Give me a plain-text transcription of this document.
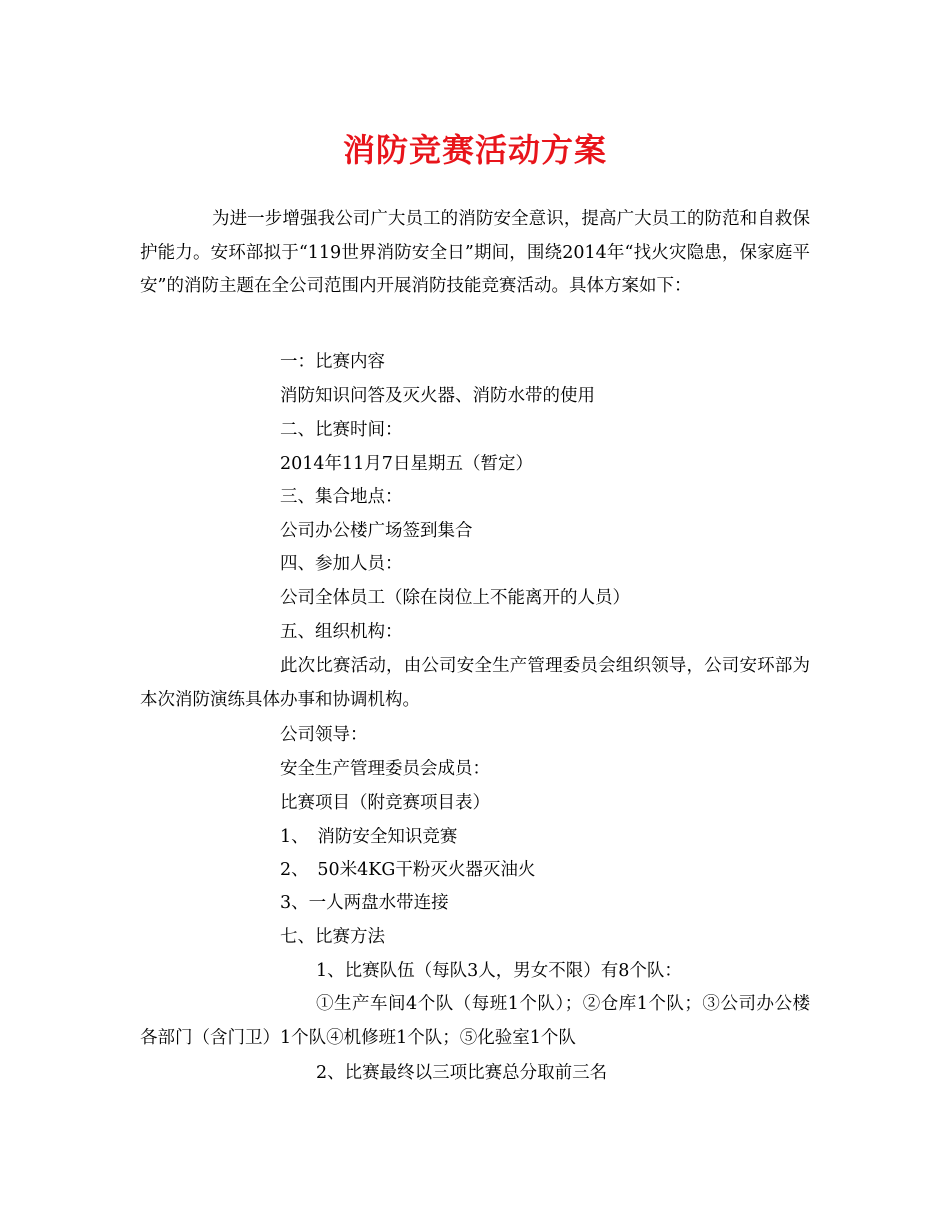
消防竞赛活动方案
为进一步增强我公司广大员工的消防安全意识，提高广大员工的防范和自救保护能力。安环部拟于“119世界消防安全日”期间，围绕2014年“找火灾隐患，保家庭平安”的消防主题在全公司范围内开展消防技能竞赛活动。具体方案如下：
一：比赛内容
消防知识问答及灭火器、消防水带的使用
二、比赛时间：
2014年11月7日星期五（暂定）
三、集合地点：
公司办公楼广场签到集合
四、参加人员：
公司全体员工（除在岗位上不能离开的人员）
五、组织机构：
此次比赛活动，由公司安全生产管理委员会组织领导，公司安环部为本次消防演练具体办事和协调机构。
公司领导：
安全生产管理委员会成员：
比赛项目（附竞赛项目表）
1、　消防安全知识竞赛
2、　50米4KG干粉灭火器灭油火
3、一人两盘水带连接
七、比赛方法
1、比赛队伍（每队3人，男女不限）有8个队：
①生产车间4个队（每班1个队）；②仓库1个队；③公司办公楼各部门（含门卫）1个队④机修班1个队；⑤化验室1个队
2、比赛最终以三项比赛总分取前三名
